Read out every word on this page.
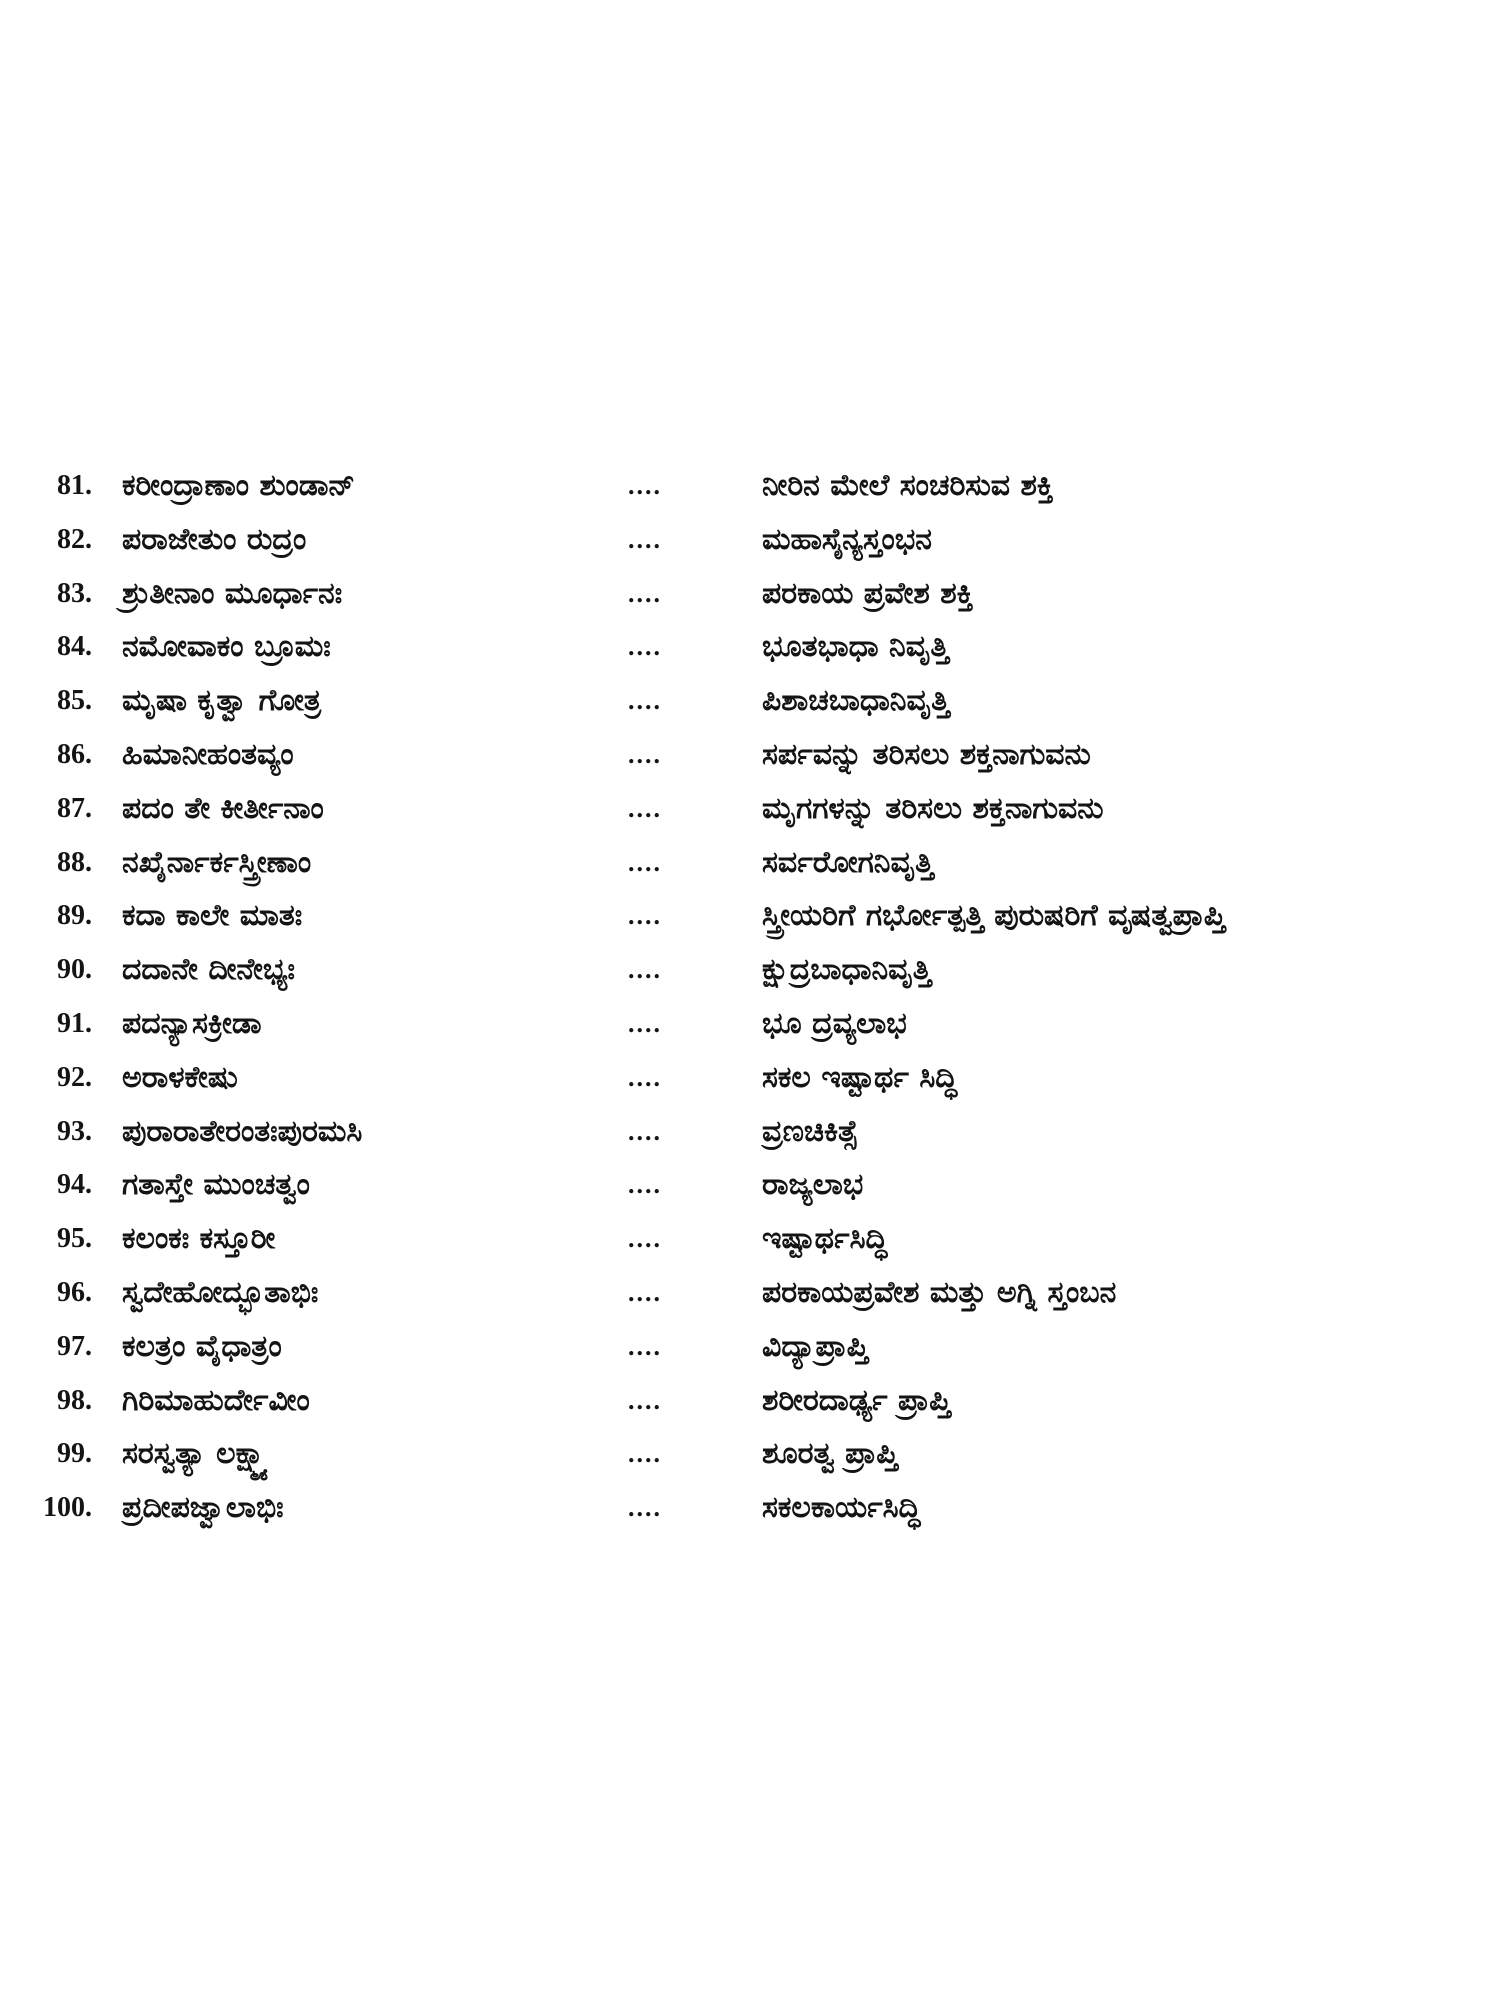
81. ಕರೀಂದ್ರಾಣಾಂ ಶುಂಡಾನ್	....	ನೀರಿನ ಮೇಲೆ ಸಂಚರಿಸುವ ಶಕ್ತಿ
82. ಪರಾಜೇತುಂ ರುದ್ರಂ	....	ಮಹಾಸೈನ್ಯಸ್ತಂಭನ
83. ಶ್ರುತೀನಾಂ ಮೂರ್ಧಾನಃ	....	ಪರಕಾಯ ಪ್ರವೇಶ ಶಕ್ತಿ
84. ನಮೋವಾಕಂ ಬ್ರೂಮಃ	....	ಭೂತಭಾಧಾ ನಿವೃತ್ತಿ
85. ಮೃಷಾ ಕೃತ್ವಾ ಗೋತ್ರ	....	ಪಿಶಾಚಬಾಧಾನಿವೃತ್ತಿ
86. ಹಿಮಾನೀಹಂತವ್ಯಂ	....	ಸರ್ಪವನ್ನು ತರಿಸಲು ಶಕ್ತನಾಗುವನು
87. ಪದಂ ತೇ ಕೀರ್ತೀನಾಂ	....	ಮೃಗಗಳನ್ನು ತರಿಸಲು ಶಕ್ತನಾಗುವನು
88. ನಖೈರ್ನಾರ್ಕಸ್ತ್ರೀಣಾಂ	....	ಸರ್ವರೋಗನಿವೃತ್ತಿ
89. ಕದಾ ಕಾಲೇ ಮಾತಃ	....	ಸ್ತ್ರೀಯರಿಗೆ ಗರ್ಭೋತ್ಪತ್ತಿ ಪುರುಷರಿಗೆ ವೃಷತ್ವಪ್ರಾಪ್ತಿ
90. ದದಾನೇ ದೀನೇಭ್ಯಃ	....	ಕ್ಷುದ್ರಬಾಧಾನಿವೃತ್ತಿ
91. ಪದನ್ಯಾಸಕ್ರೀಡಾ	....	ಭೂ ದ್ರವ್ಯಲಾಭ
92. ಅರಾಳಕೇಷು	....	ಸಕಲ ಇಷ್ಟಾರ್ಥ ಸಿದ್ಧಿ
93. ಪುರಾರಾತೇರಂತಃಪುರಮಸಿ	....	ವ್ರಣಚಿಕಿತ್ಸೆ
94. ಗತಾಸ್ತೇ ಮುಂಚತ್ವಂ	....	ರಾಜ್ಯಲಾಭ
95. ಕಲಂಕಃ ಕಸ್ತೂರೀ	....	ಇಷ್ಟಾರ್ಥಸಿದ್ಧಿ
96. ಸ್ವದೇಹೋದ್ಭೂತಾಭಿಃ	....	ಪರಕಾಯಪ್ರವೇಶ ಮತ್ತು ಅಗ್ನಿ ಸ್ತಂಬನ
97. ಕಲತ್ರಂ ವೈಧಾತ್ರಂ	....	ವಿದ್ಯಾಪ್ರಾಪ್ತಿ
98. ಗಿರಿಮಾಹುರ್ದೇವೀಂ	....	ಶರೀರದಾರ್ಢ್ಯ ಪ್ರಾಪ್ತಿ
99. ಸರಸ್ವತ್ಯಾ ಲಕ್ಷ್ಮ್ಯಾ	....	ಶೂರತ್ವ ಪ್ರಾಪ್ತಿ
100. ಪ್ರದೀಪಜ್ವಾಲಾಭಿಃ	....	ಸಕಲಕಾರ್ಯಸಿದ್ಧಿ
